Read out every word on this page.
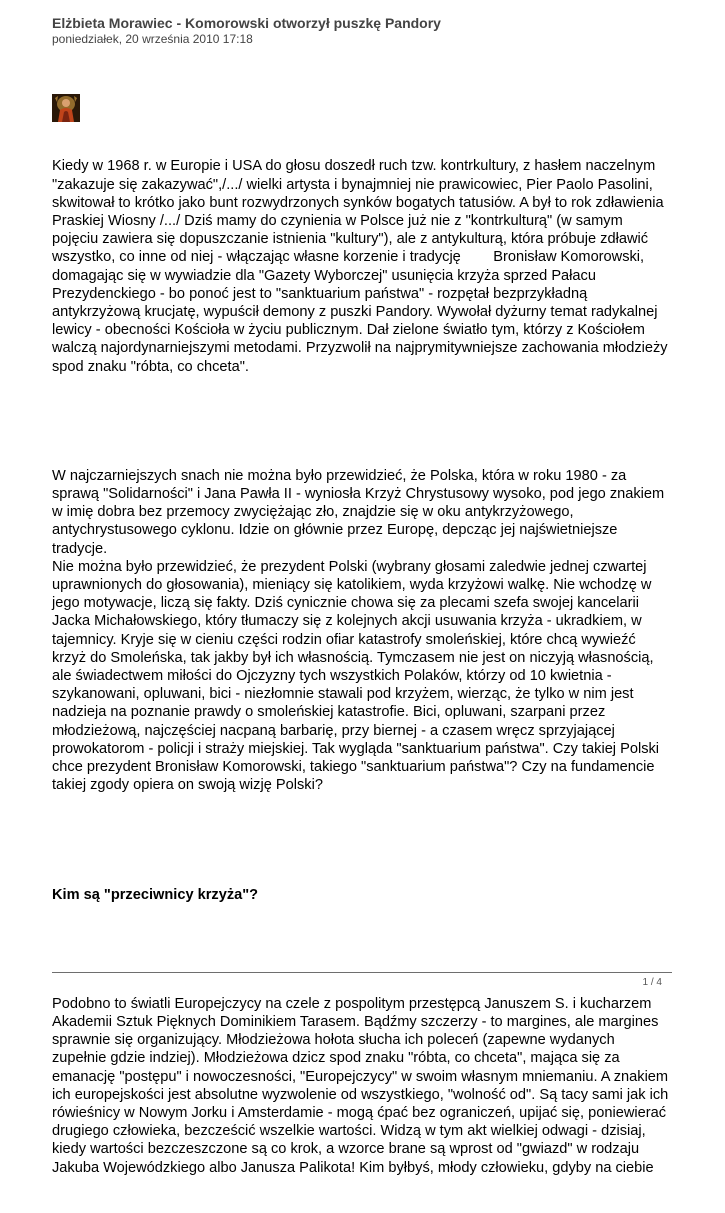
Elżbieta Morawiec - Komorowski otworzył puszkę Pandory
poniedziałek, 20 września 2010 17:18

Kiedy w 1968 r. w Europie i USA do głosu doszedł ruch tzw. kontrkultury, z hasłem naczelnym
"zakazuje się zakazywać",/.../ wielki artysta i bynajmniej nie prawicowiec, Pier Paolo Pasolini,
skwitował to krótko jako bunt rozwydrzonych synków bogatych tatusiów. A był to rok zdławienia
Praskiej Wiosny /.../ Dziś mamy do czynienia w Polsce już nie z "kontrkulturą" (w samym
pojęciu zawiera się dopuszczanie istnienia "kultury"), ale z antykulturą, która próbuje zdławić
wszystko, co inne od niej - włączając własne korzenie i tradycję        Bronisław Komorowski,
domagając się w wywiadzie dla "Gazety Wyborczej" usunięcia krzyża sprzed Pałacu
Prezydenckiego - bo ponoć jest to "sanktuarium państwa" - rozpętał bezprzykładną
antykrzyżową krucjatę, wypuścił demony z puszki Pandory. Wywołał dyżurny temat radykalnej
lewicy - obecności Kościoła w życiu publicznym. Dał zielone światło tym, którzy z Kościołem
walczą najordynarniejszymi metodami. Przyzwolił na najprymitywniejsze zachowania młodzieży
spod znaku "róbta, co chceta".

W najczarniejszych snach nie można było przewidzieć, że Polska, która w roku 1980 - za
sprawą "Solidarności" i Jana Pawła II - wyniosła Krzyż Chrystusowy wysoko, pod jego znakiem
w imię dobra bez przemocy zwyciężając zło, znajdzie się w oku antykrzyżowego,
antychrystusowego cyklonu. Idzie on głównie przez Europę, depcząc jej najświetniejsze
tradycje.
Nie można było przewidzieć, że prezydent Polski (wybrany głosami zaledwie jednej czwartej
uprawnionych do głosowania), mieniący się katolikiem, wyda krzyżowi walkę. Nie wchodzę w
jego motywacje, liczą się fakty. Dziś cynicznie chowa się za plecami szefa swojej kancelarii
Jacka Michałowskiego, który tłumaczy się z kolejnych akcji usuwania krzyża - ukradkiem, w
tajemnicy. Kryje się w cieniu części rodzin ofiar katastrofy smoleńskiej, które chcą wywieźć
krzyż do Smoleńska, tak jakby był ich własnością. Tymczasem nie jest on niczyją własnością,
ale świadectwem miłości do Ojczyzny tych wszystkich Polaków, którzy od 10 kwietnia -
szykanowani, opluwani, bici - niezłomnie stawali pod krzyżem, wierząc, że tylko w nim jest
nadzieja na poznanie prawdy o smoleńskiej katastrofie. Bici, opluwani, szarpani przez
młodzieżową, najczęściej nacpaną barbarię, przy biernej - a czasem wręcz sprzyjającej
prowokatorom - policji i straży miejskiej. Tak wygląda "sanktuarium państwa". Czy takiej Polski
chce prezydent Bronisław Komorowski, takiego "sanktuarium państwa"? Czy na fundamencie
takiej zgody opiera on swoją wizję Polski?

Kim są "przeciwnicy krzyża"?

Podobno to światli Europejczycy na czele z pospolitym przestępcą Januszem S. i kucharzem
Akademii Sztuk Pięknych Dominikiem Tarasem. Bądźmy szczerzy - to margines, ale margines
sprawnie się organizujący. Młodzieżowa hołota słucha ich poleceń (zapewne wydanych
zupełnie gdzie indziej). Młodzieżowa dzicz spod znaku "róbta, co chceta", mająca się za
emanację "postępu" i nowoczesności, "Europejczycy" w swoim własnym mniemaniu. A znakiem
ich europejskości jest absolutne wyzwolenie od wszystkiego, "wolność od". Są tacy sami jak ich
rówieśnicy w Nowym Jorku i Amsterdamie - mogą ćpać bez ograniczeń, upijać się, poniewierać
drugiego człowieka, bezcześcić wszelkie wartości. Widzą w tym akt wielkiej odwagi - dzisiaj,
kiedy wartości bezczeszczone są co krok, a wzorce brane są wprost od "gwiazd" w rodzaju
Jakuba Wojewódzkiego albo Janusza Palikota! Kim byłbyś, młody człowieku, gdyby na ciebie

1 / 4
